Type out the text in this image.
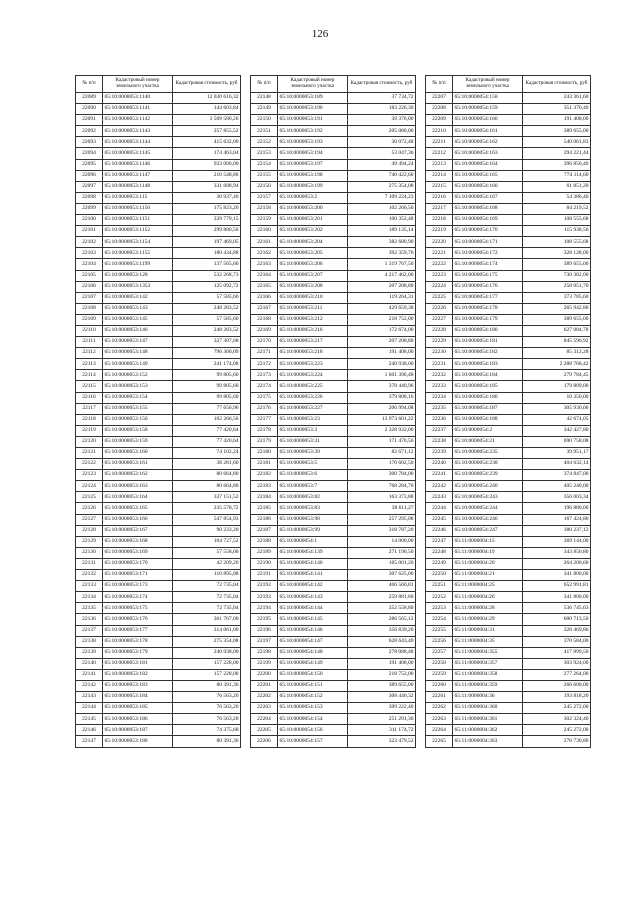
126
№ п/п	Кадастровый номер земельного участка	Кадастровая стоимость, руб
22089	65:10:0000053:1140	12 030 616,32
22090	65:10:0000053:1141	144 603,84
22091	65:10:0000053:1142	3 509 580,26
22092	65:10:0000053:1143	257 855,52
22093	65:10:0000053:1144	415 632,00
22094	65:10:0000053:1145	174 463,04
22095	65:10:0000053:1146	933 000,00
22096	65:10:0000053:1147	210 548,80
22097	65:10:0000053:1148	331 688,94
22098	65:10:0000053:115	30 937,40
22099	65:10:0000053:1150	175 823,20
22100	65:10:0000053:1151	339 779,15
22101	65:10:0000053:1152	299 880,56
22102	65:10:0000053:1154	197 469,05
22103	65:10:0000053:1155	180 434,88
22104	65:10:0000053:1199	137 565,60
22105	65:10:0000053:128	532 268,73
22106	65:10:0000053:1353	125 092,72
22107	65:10:0000053:142	57 585,60
22108	65:10:0000053:143	248 283,52
22109	65:10:0000053:145	57 585,60
22110	65:10:0000053:146	248 283,52
22111	65:10:0000053:147	327 307,68
22112	65:10:0000053:148	796 300,09
22113	65:10:0000053:149	241 174,08
22114	65:10:0000053:152	99 805,60
22115	65:10:0000053:153	99 805,60
22116	65:10:0000053:154	99 805,60
22117	65:10:0000053:155	77 656,96
22118	65:10:0000053:156	102 266,56
22119	65:10:0000053:158	77 420,64
22120	65:10:0000053:159	77 420,64
22121	65:10:0000053:160	74 102,24
22122	65:10:0000053:161	38 281,60
22123	65:10:0000053:162	80 664,80
22124	65:10:0000053:163	80 664,80
22125	65:10:0000053:164	337 151,52
22126	65:10:0000053:165	235 578,72
22127	65:10:0000053:166	547 854,93
22128	65:10:0000053:167	90 233,20
22129	65:10:0000053:168	104 727,52
22130	65:10:0000053:169	57 558,00
22131	65:10:0000053:170	42 209,20
22132	65:10:0000053:171	110 895,08
22133	65:10:0000053:173	72 735,04
22134	65:10:0000053:174	72 735,04
22135	65:10:0000053:175	72 735,04
22136	65:10:0000053:176	361 767,00
22137	65:10:0000053:177	314 061,00
22138	65:10:0000053:178	275 354,08
22139	65:10:0000053:179	240 938,00
22140	65:10:0000053:181	157 228,00
22141	65:10:0000053:182	157 228,00
22142	65:10:0000053:183	80 391,36
22143	65:10:0000053:184	76 563,20
22144	65:10:0000053:185	76 563,20
22145	65:10:0000053:186	76 563,20
22146	65:10:0000053:187	74 375,68
22147	65:10:0000053:188	80 391,36
№ п/п	Кадастровый номер земельного участка	Кадастровая стоимость, руб
22148	65:10:0000053:189	37 734,72
22149	65:10:0000053:190	183 226,30
22150	65:10:0000053:191	39 376,00
22151	65:10:0000053:192	205 080,00
22152	65:10:0000053:193	30 072,48
22153	65:10:0000053:194	53 047,36
22154	65:10:0000053:197	49 494,24
22155	65:10:0000053:198	740 422,60
22156	65:10:0000053:199	275 354,08
22157	65:10:0000053:2	7 109 224,23
22158	65:10:0000053:200	102 266,56
22159	65:10:0000053:201	100 352,48
22160	65:10:0000053:202	189 135,14
22161	65:10:0000053:204	382 680,90
22162	65:10:0000053:205	392 359,76
22163	65:10:0000053:206	1 319 767,50
22164	65:10:0000053:207	4 217 462,00
22165	65:10:0000053:208	207 208,80
22166	65:10:0000053:210	119 264,31
22167	65:10:0000053:211	429 659,38
22168	65:10:0000053:212	218 752,00
22169	65:10:0000053:216	172 674,00
22170	65:10:0000053:217	207 208,80
22171	65:10:0000053:218	191 408,00
22172	65:10:0000053:223	240 938,00
22173	65:10:0000053:224	1 601 396,48
22174	65:10:0000053:225	378 440,96
22175	65:10:0000053:226	379 808,16
22176	65:10:0000053:227	206 994,08
22177	65:10:0000053:23	13 973 601,22
22178	65:10:0000053:3	2 328 932,00
22179	65:10:0000053:31	171 470,56
22180	65:10:0000053:39	82 671,12
22181	65:10:0000053:5	170 602,50
22182	65:10:0000053:6	300 784,00
22183	65:10:0000053:7	768 284,70
22184	65:10:0000053:82	163 373,88
22185	65:10:0000053:83	38 611,27
22186	65:10:0000053:98	257 295,08
22187	65:10:0000053:99	318 787,20
22188	65:10:0000054:1	14 000,00
22189	65:10:0000054:139	271 190,50
22190	65:10:0000054:140	165 001,20
22191	65:10:0000054:141	307 625,00
22192	65:10:0000054:142	406 560,81
22193	65:10:0000054:143	259 881,60
22194	65:10:0000054:144	352 558,80
22195	65:10:0000054:145	286 565,12
22196	65:10:0000054:146	356 839,20
22197	65:10:0000054:147	628 643,40
22198	65:10:0000054:148	278 088,48
22199	65:10:0000054:149	191 408,00
22200	65:10:0000054:150	218 752,00
22201	65:10:0000054:151	389 655,00
22202	65:10:0000054:152	308 440,32
22203	65:10:0000054:153	399 222,40
22204	65:10:0000054:154	251 291,36
22205	65:10:0000054:156	311 174,72
22206	65:10:0000054:157	323 479,52
№ п/п	Кадастровый номер земельного участка	Кадастровая стоимость, руб
22207	65:10:0000054:158	243 361,60
22208	65:10:0000054:159	351 370,40
22209	65:10:0000054:160	191 408,00
22210	65:10:0000054:161	389 655,00
22211	65:10:0000054:162	540 061,83
22212	65:10:0000054:163	294 221,44
22213	65:10:0000054:164	396 850,40
22214	65:10:0000054:165	774 114,60
22215	65:10:0000054:166	61 851,20
22216	65:10:0000054:167	54 386,40
22217	65:10:0000054:168	84 219,52
22218	65:10:0000054:169	108 555,68
22219	65:10:0000054:170	115 938,56
22220	65:10:0000054:171	108 555,68
22221	65:10:0000054:172	328 128,00
22222	65:10:0000054:174	389 655,00
22223	65:10:0000054:175	730 382,00
22224	65:10:0000054:176	258 051,70
22225	65:10:0000054:177	373 785,60
22226	65:10:0000054:178	265 942,88
22227	65:10:0000054:179	389 655,00
22228	65:10:0000054:180	627 084,78
22229	65:10:0000054:181	845 596,92
22230	65:10:0000054:182	85 312,28
22231	65:10:0000054:183	2 288 768,42
22232	65:10:0000054:184	279 784,45
22233	65:10:0000054:185	179 809,00
22234	65:10:0000054:186	10 350,00
22235	65:10:0000054:187	305 930,00
22236	65:10:0000054:188	42 674,05
22237	65:10:0000054:2	342 427,80
22238	65:10:0000054:21	690 758,08
22239	65:10:0000054:235	39 951,17
22240	65:10:0000054:238	404 632,14
22241	65:10:0000054:239	374 847,00
22242	65:10:0000054:240	405 240,00
22243	65:10:0000054:243	356 003,34
22244	65:10:0000054:244	196 880,00
22245	65:10:0000054:246	167 424,80
22246	65:10:0000054:247	380 237,12
22247	65:11:0000004:15	369 144,00
22248	65:11:0000004:19	343 850,80
22249	65:11:0000004:20	264 200,60
22250	65:11:0000004:21	341 800,00
22251	65:11:0000004:25	652 991,81
22252	65:11:0000004:26	341 800,00
22253	65:11:0000004:28	536 745,63
22254	65:11:0000004:29	600 713,50
22255	65:11:0000004:31	328 469,86
22256	65:11:0000004:35	370 584,00
22257	65:11:0000004:355	417 899,50
22258	65:11:0000004:357	303 924,00
22259	65:11:0000004:358	277 264,00
22260	65:11:0000004:359	266 600,00
22261	65:11:0000004:36	193 818,20
22262	65:11:0000004:360	245 272,00
22263	65:11:0000004:361	302 324,40
22264	65:11:0000004:362	245 272,00
22265	65:11:0000004:363	276 730,80
